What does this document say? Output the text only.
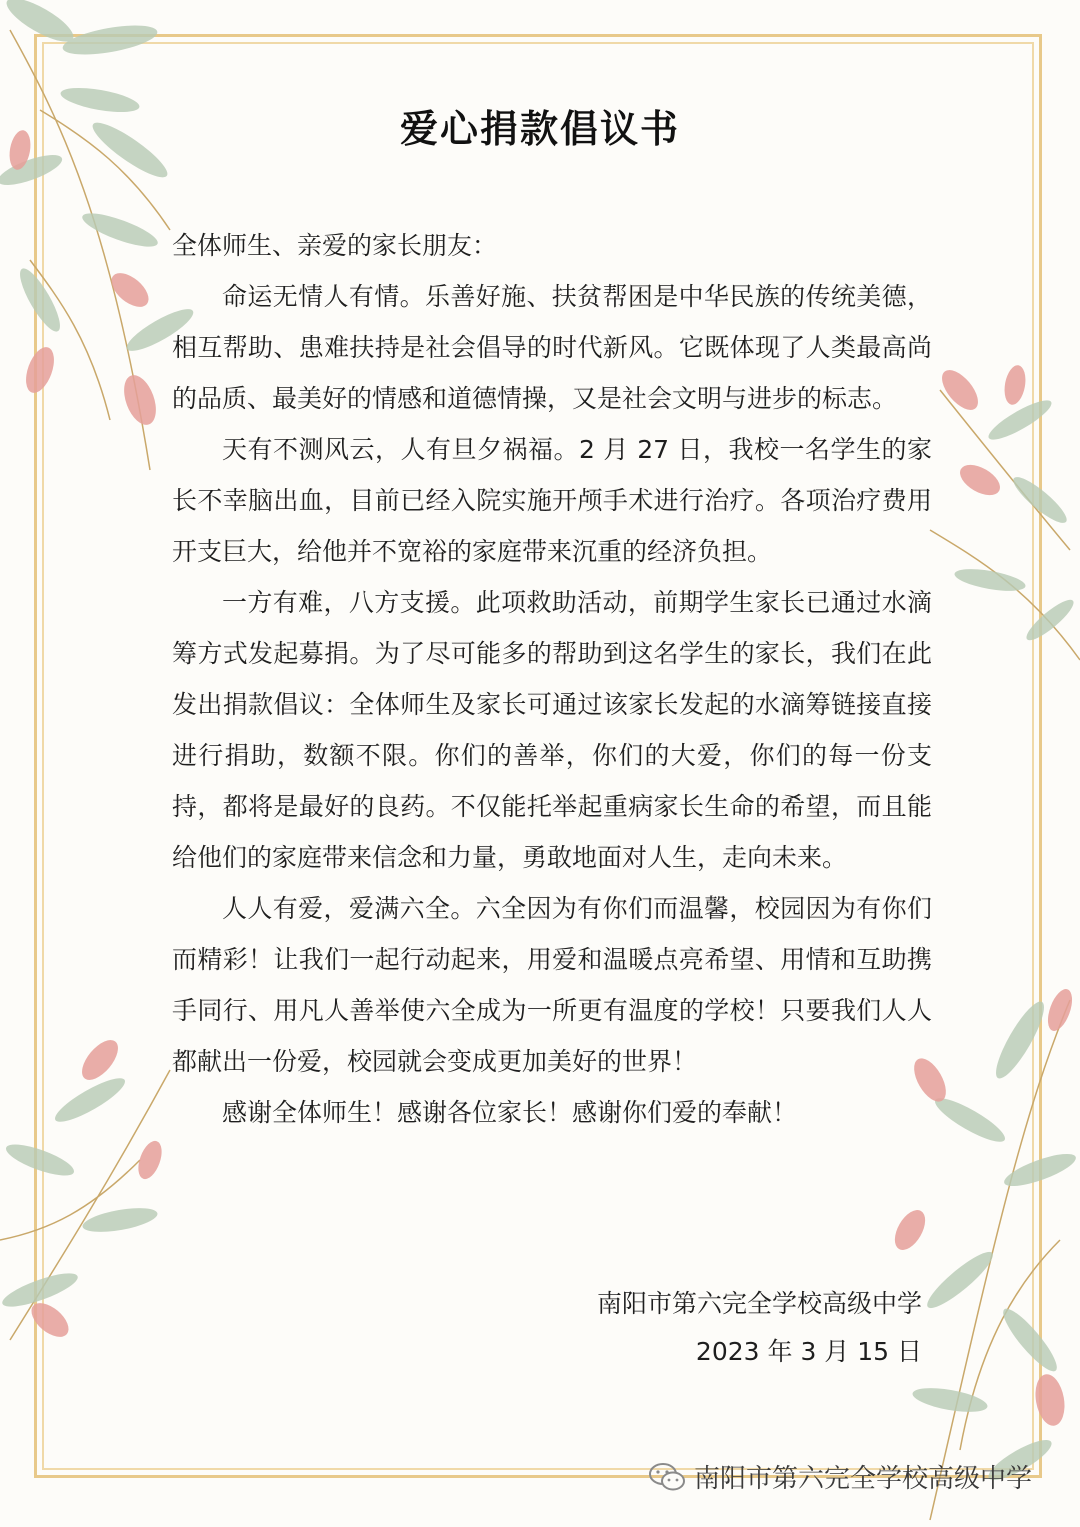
爱心捐款倡议书

全体师生、亲爱的家长朋友：

命运无情人有情。乐善好施、扶贫帮困是中华民族的传统美德，相互帮助、患难扶持是社会倡导的时代新风。它既体现了人类最高尚的品质、最美好的情感和道德情操，又是社会文明与进步的标志。

天有不测风云，人有旦夕祸福。2 月 27 日，我校一名学生的家长不幸脑出血，目前已经入院实施开颅手术进行治疗。各项治疗费用开支巨大，给他并不宽裕的家庭带来沉重的经济负担。

一方有难，八方支援。此项救助活动，前期学生家长已通过水滴筹方式发起募捐。为了尽可能多的帮助到这名学生的家长，我们在此发出捐款倡议：全体师生及家长可通过该家长发起的水滴筹链接直接进行捐助，数额不限。你们的善举，你们的大爱，你们的每一份支持，都将是最好的良药。不仅能托举起重病家长生命的希望，而且能给他们的家庭带来信念和力量，勇敢地面对人生，走向未来。

人人有爱，爱满六全。六全因为有你们而温馨，校园因为有你们而精彩！让我们一起行动起来，用爱和温暖点亮希望、用情和互助携手同行、用凡人善举使六全成为一所更有温度的学校！只要我们人人都献出一份爱，校园就会变成更加美好的世界！

感谢全体师生！感谢各位家长！感谢你们爱的奉献！

南阳市第六完全学校高级中学
2023 年 3 月 15 日
南阳市第六完全学校高级中学
